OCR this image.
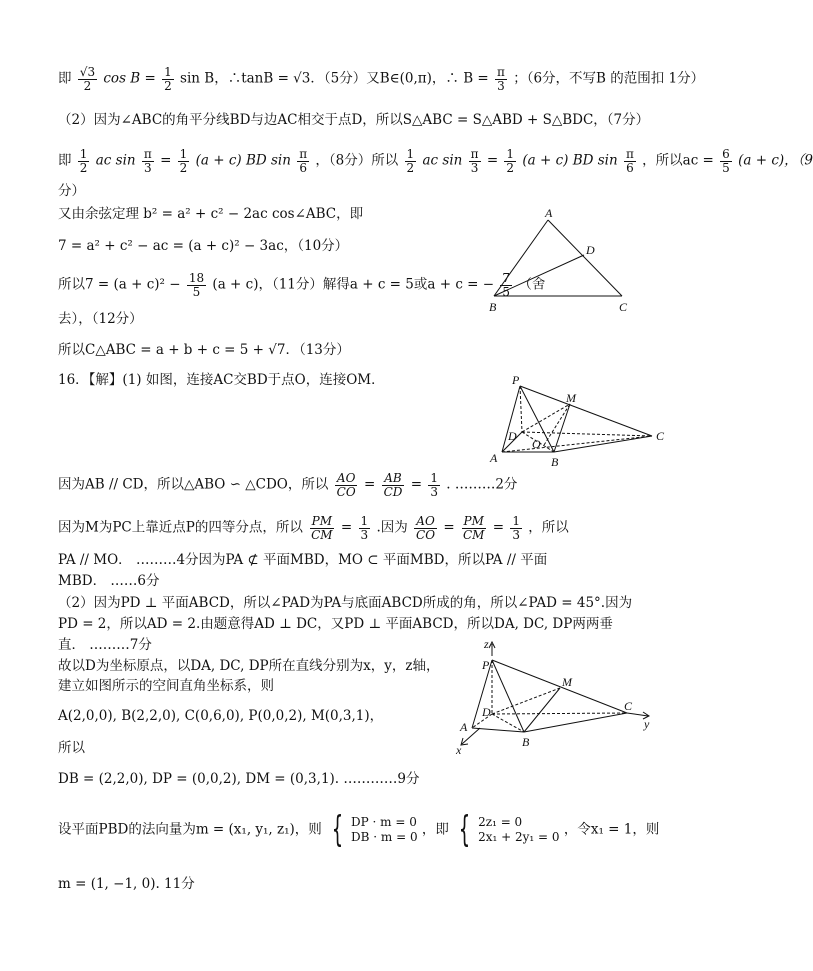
即 $\frac{√3}{2}$ $\cos B = \frac{1}{2}$ sin B，∴tanB = √3．（5分）又B∈(0,π)，∴ $B = \frac{\pi}{3}$ ；（6分，不写B 的范围扣 1分）
（2）因为∠ABC的角平分线BD与边AC相交于点D，所以S△ABC = S△ABD + S△BDC，（7分）
即 $\frac{1}{2}$ ac $\sin \frac{\pi}{3} = \frac{1}{2} (a + c)$ BD $\sin \frac{\pi}{6}$ ，（8分）所以 $\frac{1}{2}$ ac $\sin \frac{\pi}{3} = \frac{1}{2} (a + c)$ BD $\sin \frac{\pi}{6}$ ，所以ac = $\frac{6}{5} (a + c)$，（9
分）
又由余弦定理 b² = a² + c² − 2ac cos∠ABC，即
7 = a² + c² − ac = (a + c)² − 3ac，（10分）
所以$7 = (a + c)^2 - \frac{18}{5} (a + c)$，（11分）解得a + c = 5或a + c = − $\frac{7}{5}$ （舍
去），（12分）
所以C△ABC = a + b + c = 5 + √7．（13分）
16．【解】(1) 如图，连接AC交BD于点O，连接OM．
A
B	C
D
P
M
D
O
A	B
C
因为AB // CD，所以△ABO ∽ △CDO，所以 $\frac{AO}{CO} = \frac{AB}{CD} = \frac{1}{3}$ . ………2分
因为M为PC上靠近点P的四等分点，所以 $\frac{PM}{CM} = \frac{1}{3}$ .因为 $\frac{AO}{CO} = \frac{PM}{CM} = \frac{1}{3}$ ，所以
PA // MO． ………4分因为PA ⊄ 平面MBD，MO ⊂ 平面MBD，所以PA // 平面
MBD． ……6分
（2）因为PD ⊥ 平面ABCD，所以∠PAD为PA与底面ABCD所成的角，所以∠PAD = 45°.因为
PD = 2，所以AD = 2.由题意得AD ⊥ DC，又PD ⊥ 平面ABCD，所以DA, DC, DP两两垂
直． ………7分
故以D为坐标原点，以DA, DC, DP所在直线分别为x，y，z轴，
建立如图所示的空间直角坐标系，则
A(2,0,0), B(2,2,0), C(0,6,0), P(0,0,2), M(0,3,1)，
所以
DB = (2,2,0), DP = (0,0,2), DM = (0,3,1). …………9分
z
P
M
D	C
y
A
B
x
设平面PBD的法向量为m = (x₁, y₁, z₁)，则 { DP · m = 0
DB · m = 0 ，即 { 2z₁ = 0
2x₁ + 2y₁ = 0 ，令x₁ = 1，则
m = (1, −1, 0). 11分
